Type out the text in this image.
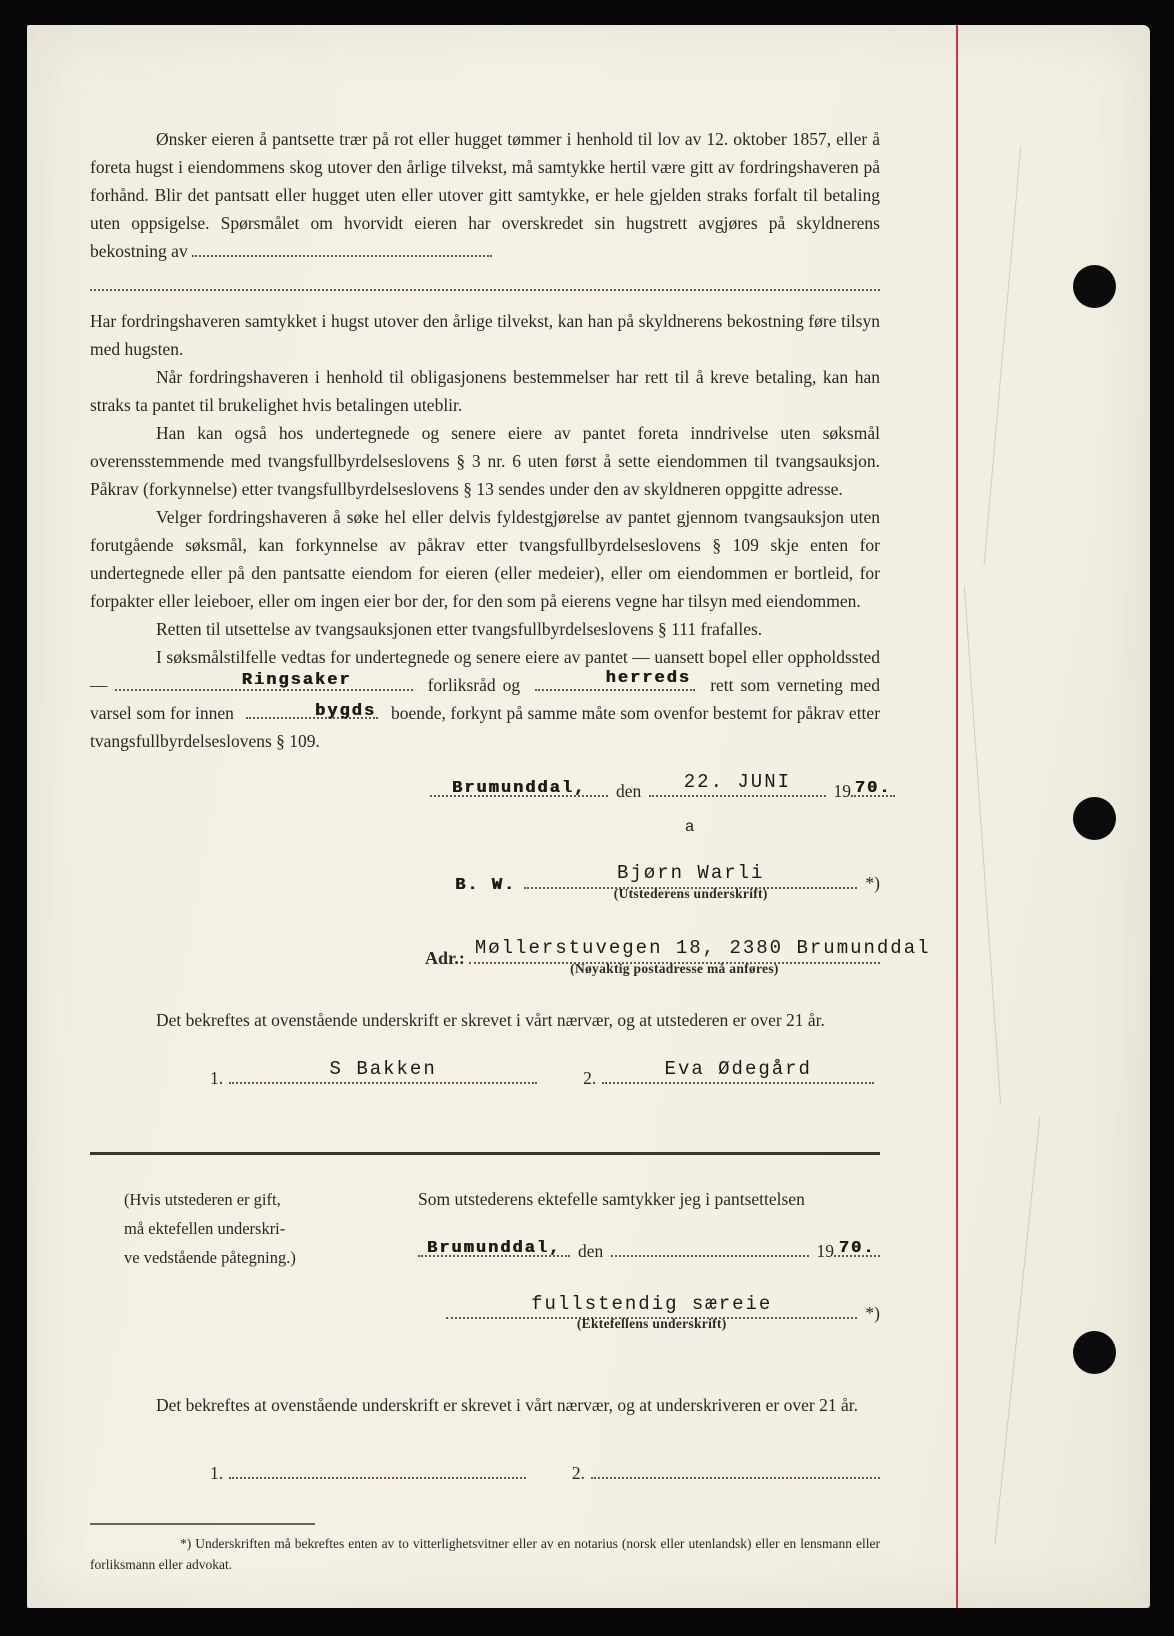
Ønsker eieren å pantsette trær på rot eller hugget tømmer i henhold til lov av 12. oktober 1857, eller å foreta hugst i eiendommens skog utover den årlige tilvekst, må samtykke hertil være gitt av fordringshaveren på forhånd. Blir det pantsatt eller hugget uten eller utover gitt samtykke, er hele gjelden straks forfalt til betaling uten oppsigelse. Spørsmålet om hvorvidt eieren har overskredet sin hugstrett avgjøres på skyldnerens bekostning av

Har fordringshaveren samtykket i hugst utover den årlige tilvekst, kan han på skyldnerens bekostning føre tilsyn med hugsten.

Når fordringshaveren i henhold til obligasjonens bestemmelser har rett til å kreve betaling, kan han straks ta pantet til brukelighet hvis betalingen uteblir.

Han kan også hos undertegnede og senere eiere av pantet foreta inndrivelse uten søksmål overensstemmende med tvangsfullbyrdelseslovens § 3 nr. 6 uten først å sette eiendommen til tvangsauksjon. Påkrav (forkynnelse) etter tvangsfullbyrdelseslovens § 13 sendes under den av skyldneren oppgitte adresse.

Velger fordringshaveren å søke hel eller delvis fyldestgjørelse av pantet gjennom tvangsauksjon uten forutgående søksmål, kan forkynnelse av påkrav etter tvangsfullbyrdelseslovens § 109 skje enten for undertegnede eller på den pantsatte eiendom for eieren (eller medeier), eller om eiendommen er bortleid, for forpakter eller leieboer, eller om ingen eier bor der, for den som på eierens vegne har tilsyn med eiendommen.

Retten til utsettelse av tvangsauksjonen etter tvangsfullbyrdelseslovens § 111 frafalles.

I søksmålstilfelle vedtas for undertegnede og senere eiere av pantet — uansett bopel eller oppholdssted —	Ringsaker	forliksråd og	herreds rett som verneting med varsel som for innen	bygds boende, forkynt på samme måte som ovenfor bestemt for påkrav etter tvangsfullbyrdelseslovens § 109.

Brumunddal, den 22. JUNI 19 70.
B. W.
a
Bjørn Warli
(Utstederens underskrift)
*)
Adr.: Møllerstuvegen 18, 2380 Brumunddal
(Nøyaktig postadresse må anføres)

Det bekreftes at ovenstående underskrift er skrevet i vårt nærvær, og at utstederen er over 21 år.

1.	S Bakken	2.	Eva Ødegård
(Hvis utstederen er gift,
må ektefellen underskri-
ve vedstående påtegning.)

Som utstederens ektefelle samtykker jeg i pantsettelsen

Brumunddal, den	19 70.
fullstendig særeie
(Ektefellens underskrift)
*)

Det bekreftes at ovenstående underskrift er skrevet i vårt nærvær, og at underskriveren er over 21 år.

1.	2.

*) Underskriften må bekreftes enten av to vitterlighetsvitner eller av en notarius (norsk eller utenlandsk) eller en lensmann eller forliksmann eller advokat.
